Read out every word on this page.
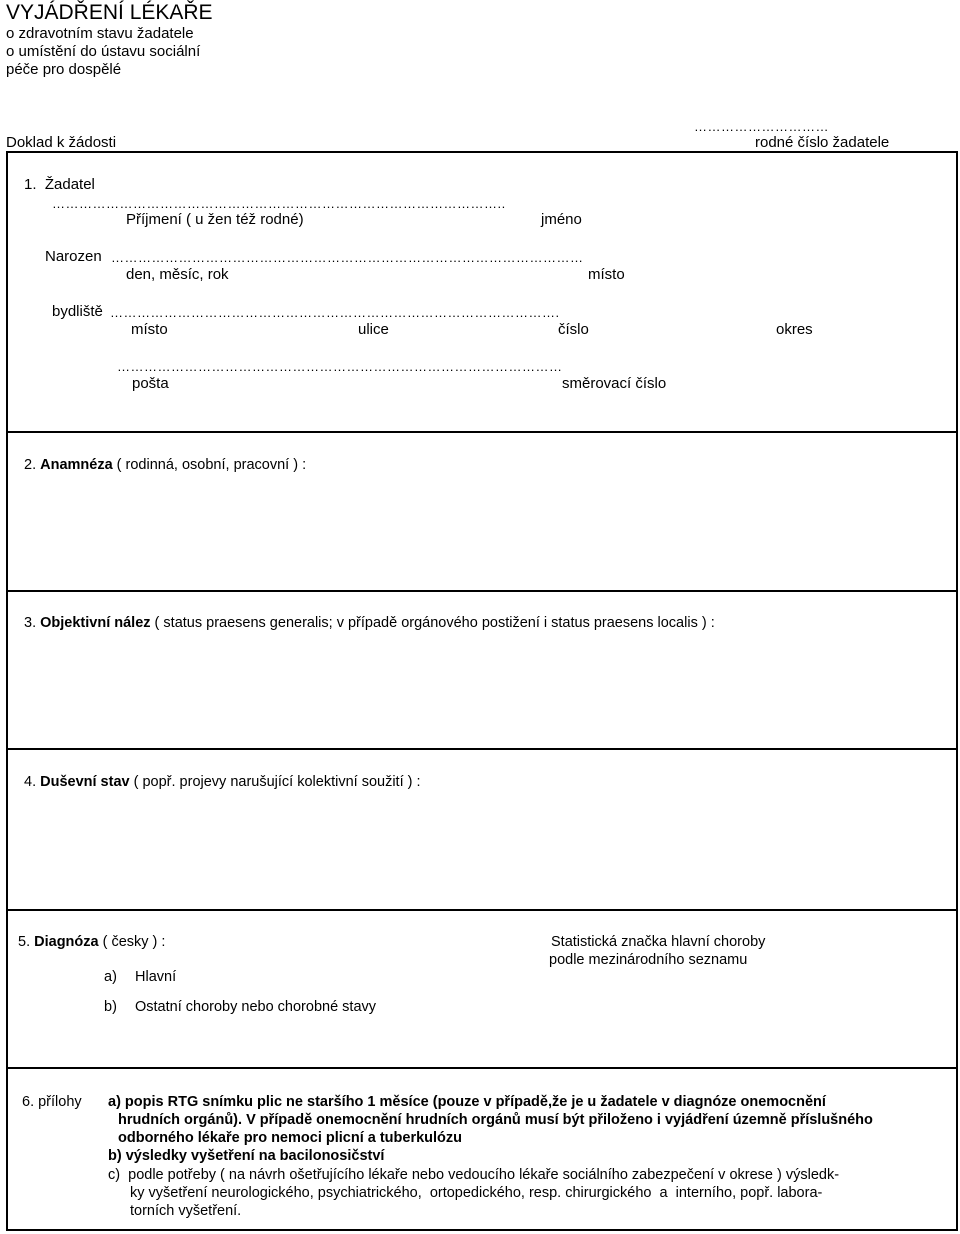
VYJÁDŘENÍ LÉKAŘE
o zdravotním stavu žadatele
o umístění do ústavu sociální
péče pro dospělé
Doklad k žádosti
…………………………
rodné číslo žadatele
1.  Žadatel
………………………………………………………………………………………..
Příjmení ( u žen též rodné)	jméno
Narozen ……………………………………………………………………………………………
den, měsíc, rok	místo
bydliště ……………………………………………………………………………………….
místo	ulice	číslo	okres
………………………………………………………………………………………
pošta	směrovací číslo
2. Anamnéza ( rodinná, osobní, pracovní ) :
3. Objektivní nález ( status praesens generalis; v případě orgánového postižení i status praesens localis ) :
4. Duševní stav ( popř. projevy narušující kolektivní soužití ) :
5. Diagnóza ( česky ) :	Statistická značka hlavní choroby
podle mezinárodního seznamu
a) Hlavní
b) Ostatní choroby nebo chorobné stavy
6. přílohy a) popis RTG snímku plic ne staršího 1 měsíce (pouze v případě,že je u žadatele v diagnóze onemocnění
hrudních orgánů). V případě onemocnění hrudních orgánů musí být přiloženo i vyjádření územně příslušného
odborného lékaře pro nemoci plicní a tuberkulózu
b) výsledky vyšetření na bacilonosičství
c)  podle potřeby ( na návrh ošetřujícího lékaře nebo vedoucího lékaře sociálního zabezpečení v okrese ) výsledk-
ky vyšetření neurologického, psychiatrického,  ortopedického, resp. chirurgického  a  interního, popř. labora-
torních vyšetření.
